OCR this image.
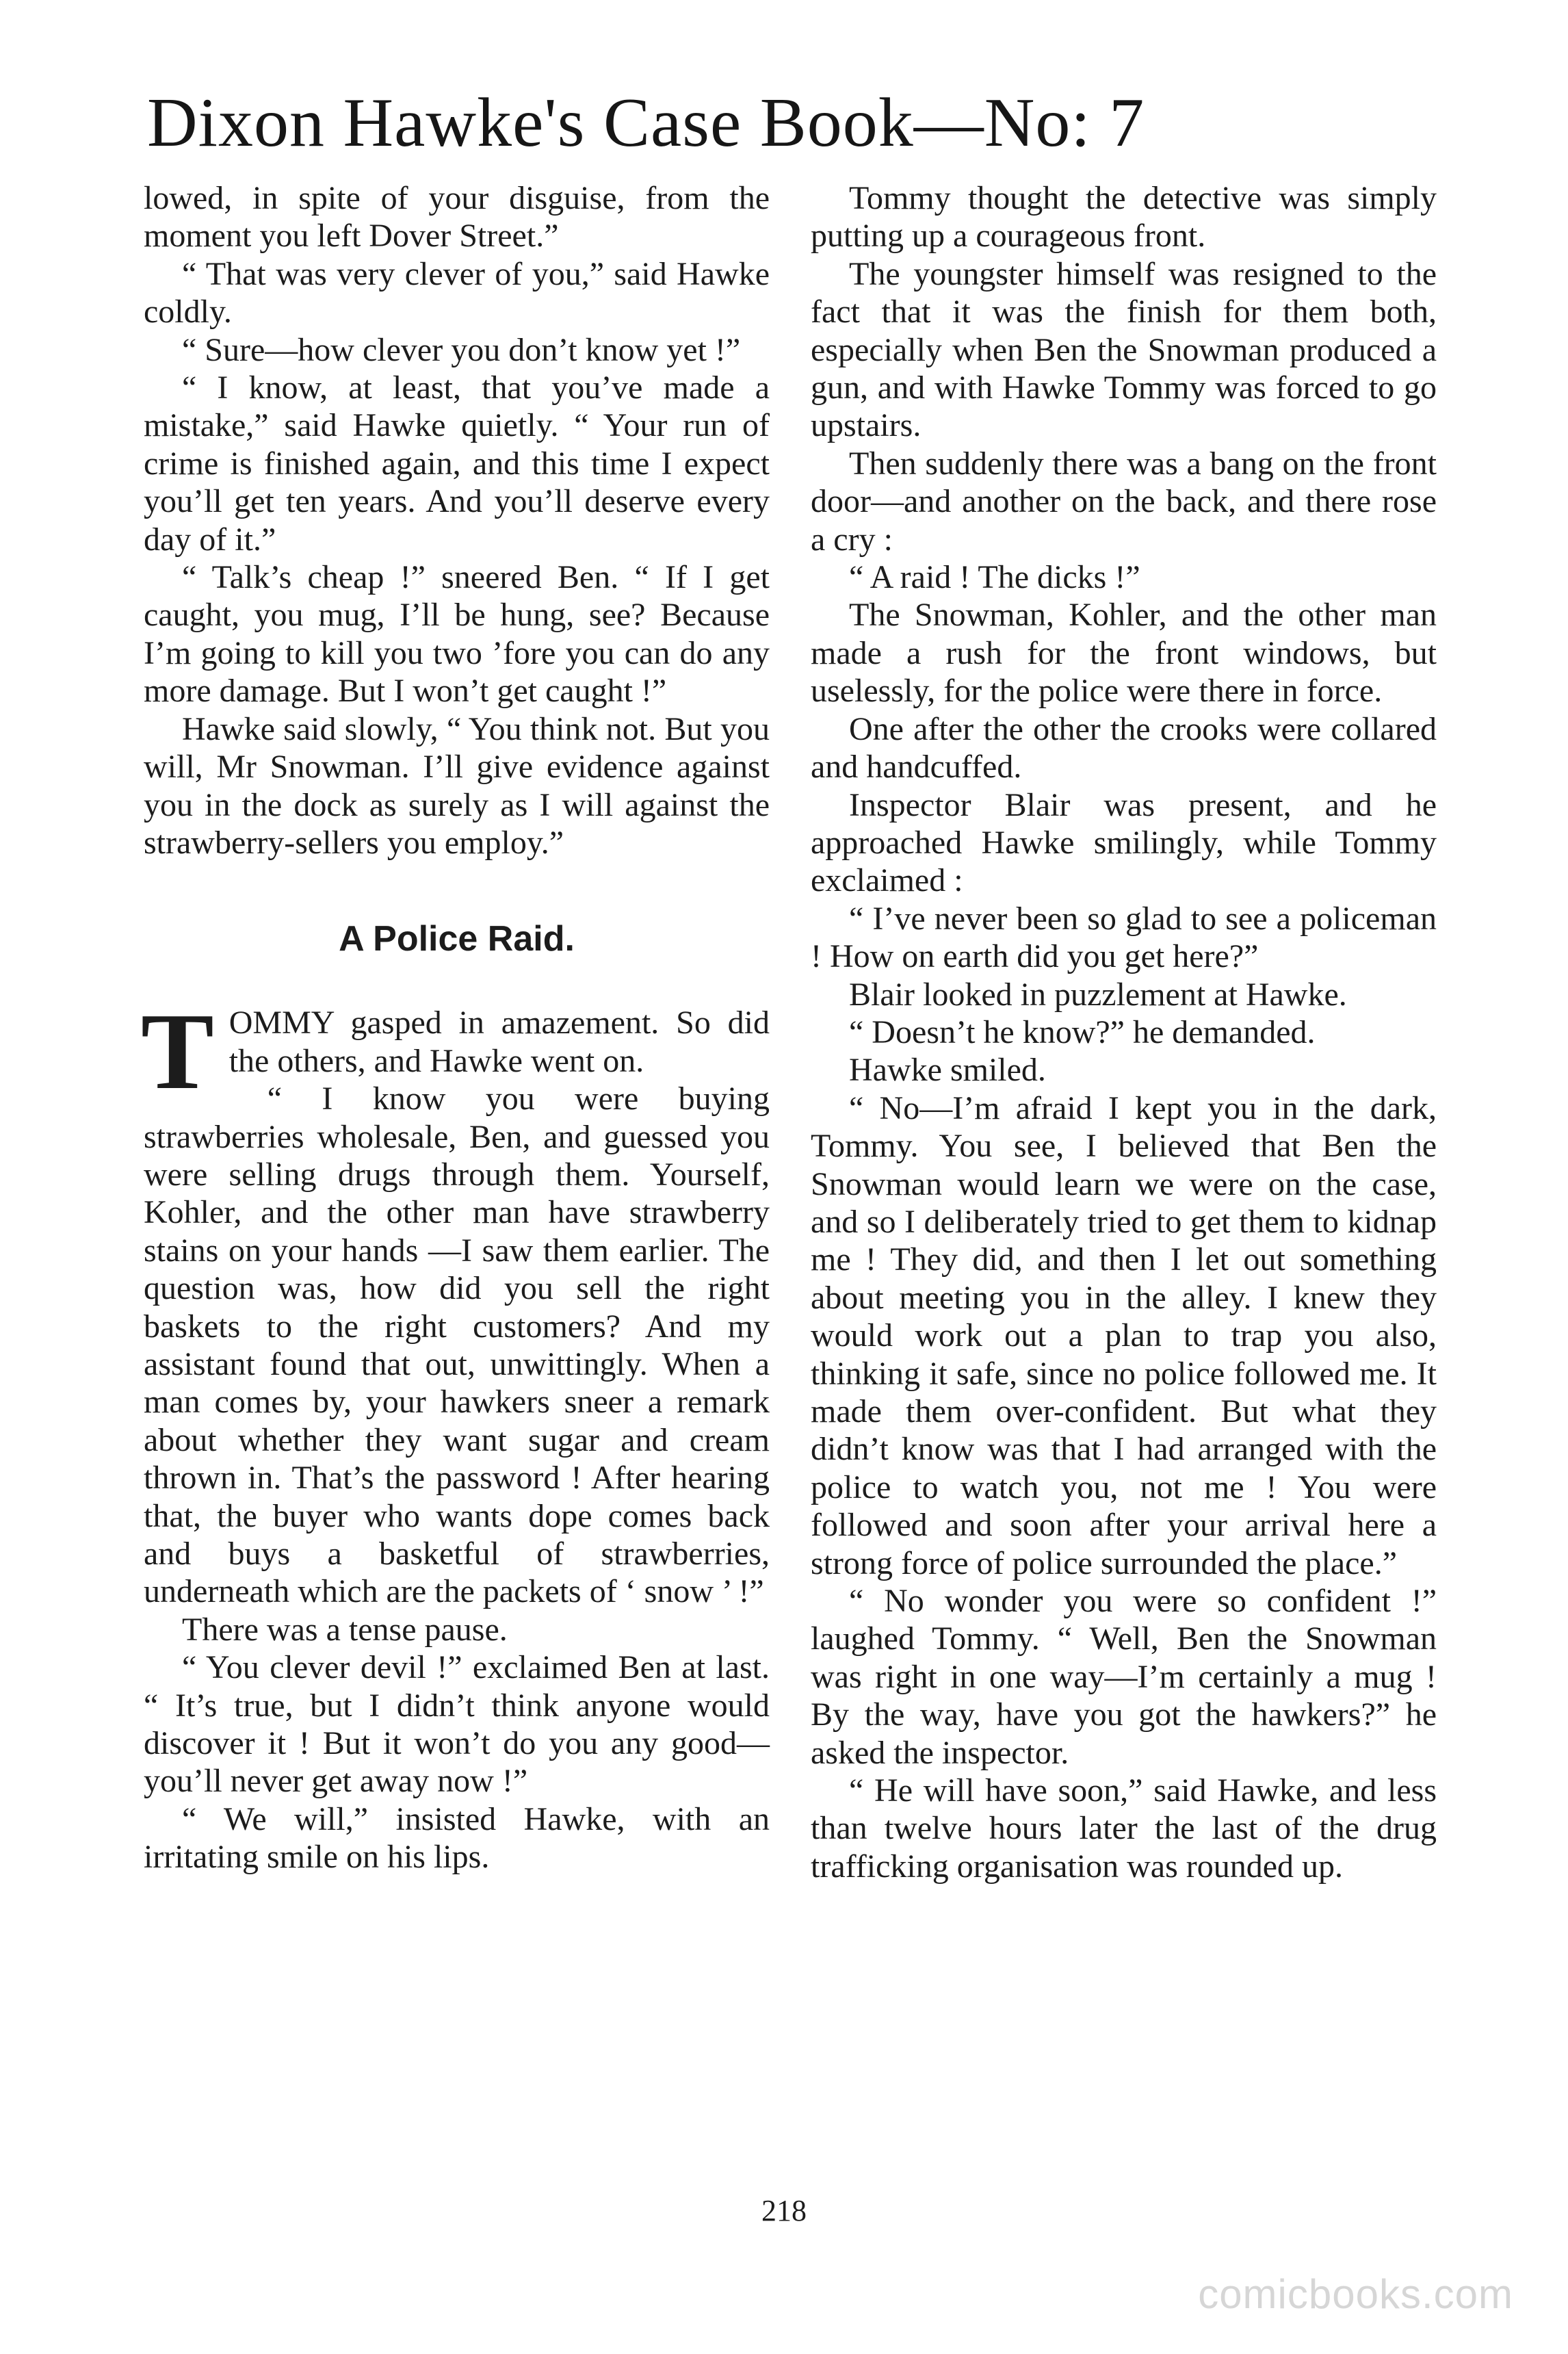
Dixon Hawke's Case Book—No: 7

lowed, in spite of your disguise, from the moment you left Dover Street.”

“ That was very clever of you,” said Hawke coldly.

“ Sure—how clever you don’t know yet !”

“ I know, at least, that you’ve made a mistake,” said Hawke quietly. “ Your run of crime is finished again, and this time I expect you’ll get ten years. And you’ll deserve every day of it.”

“ Talk’s cheap !” sneered Ben. “ If I get caught, you mug, I’ll be hung, see? Because I’m going to kill you two ’fore you can do any more damage. But I won’t get caught !”

Hawke said slowly, “ You think not. But you will, Mr Snowman. I’ll give evidence against you in the dock as surely as I will against the strawberry-sellers you employ.”

A Police Raid.

TOMMY gasped in amazement. So did the others, and Hawke went on.

“ I know you were buying strawberries wholesale, Ben, and guessed you were selling drugs through them. Yourself, Kohler, and the other man have strawberry stains on your hands —I saw them earlier. The question was, how did you sell the right baskets to the right customers? And my assistant found that out, unwittingly. When a man comes by, your hawkers sneer a remark about whether they want sugar and cream thrown in. That’s the password ! After hearing that, the buyer who wants dope comes back and buys a basketful of strawberries, underneath which are the packets of ‘ snow ’ !”

There was a tense pause.

“ You clever devil !” exclaimed Ben at last. “ It’s true, but I didn’t think anyone would discover it ! But it won’t do you any good—you’ll never get away now !”

“ We will,” insisted Hawke, with an irritating smile on his lips.

Tommy thought the detective was simply putting up a courageous front.

The youngster himself was resigned to the fact that it was the finish for them both, especially when Ben the Snowman produced a gun, and with Hawke Tommy was forced to go upstairs.

Then suddenly there was a bang on the front door—and another on the back, and there rose a cry :

“ A raid ! The dicks !”

The Snowman, Kohler, and the other man made a rush for the front windows, but uselessly, for the police were there in force.

One after the other the crooks were collared and handcuffed.

Inspector Blair was present, and he approached Hawke smilingly, while Tommy exclaimed :

“ I’ve never been so glad to see a policeman ! How on earth did you get here?”

Blair looked in puzzlement at Hawke.

“ Doesn’t he know?” he demanded.

Hawke smiled.

“ No—I’m afraid I kept you in the dark, Tommy. You see, I believed that Ben the Snowman would learn we were on the case, and so I deliberately tried to get them to kidnap me ! They did, and then I let out something about meeting you in the alley. I knew they would work out a plan to trap you also, thinking it safe, since no police followed me. It made them over-confident. But what they didn’t know was that I had arranged with the police to watch you, not me ! You were followed and soon after your arrival here a strong force of police surrounded the place.”

“ No wonder you were so confident !” laughed Tommy. “ Well, Ben the Snowman was right in one way—I’m certainly a mug ! By the way, have you got the hawkers?” he asked the inspector.

“ He will have soon,” said Hawke, and less than twelve hours later the last of the drug trafficking organisation was rounded up.

218
comicbooks.com
